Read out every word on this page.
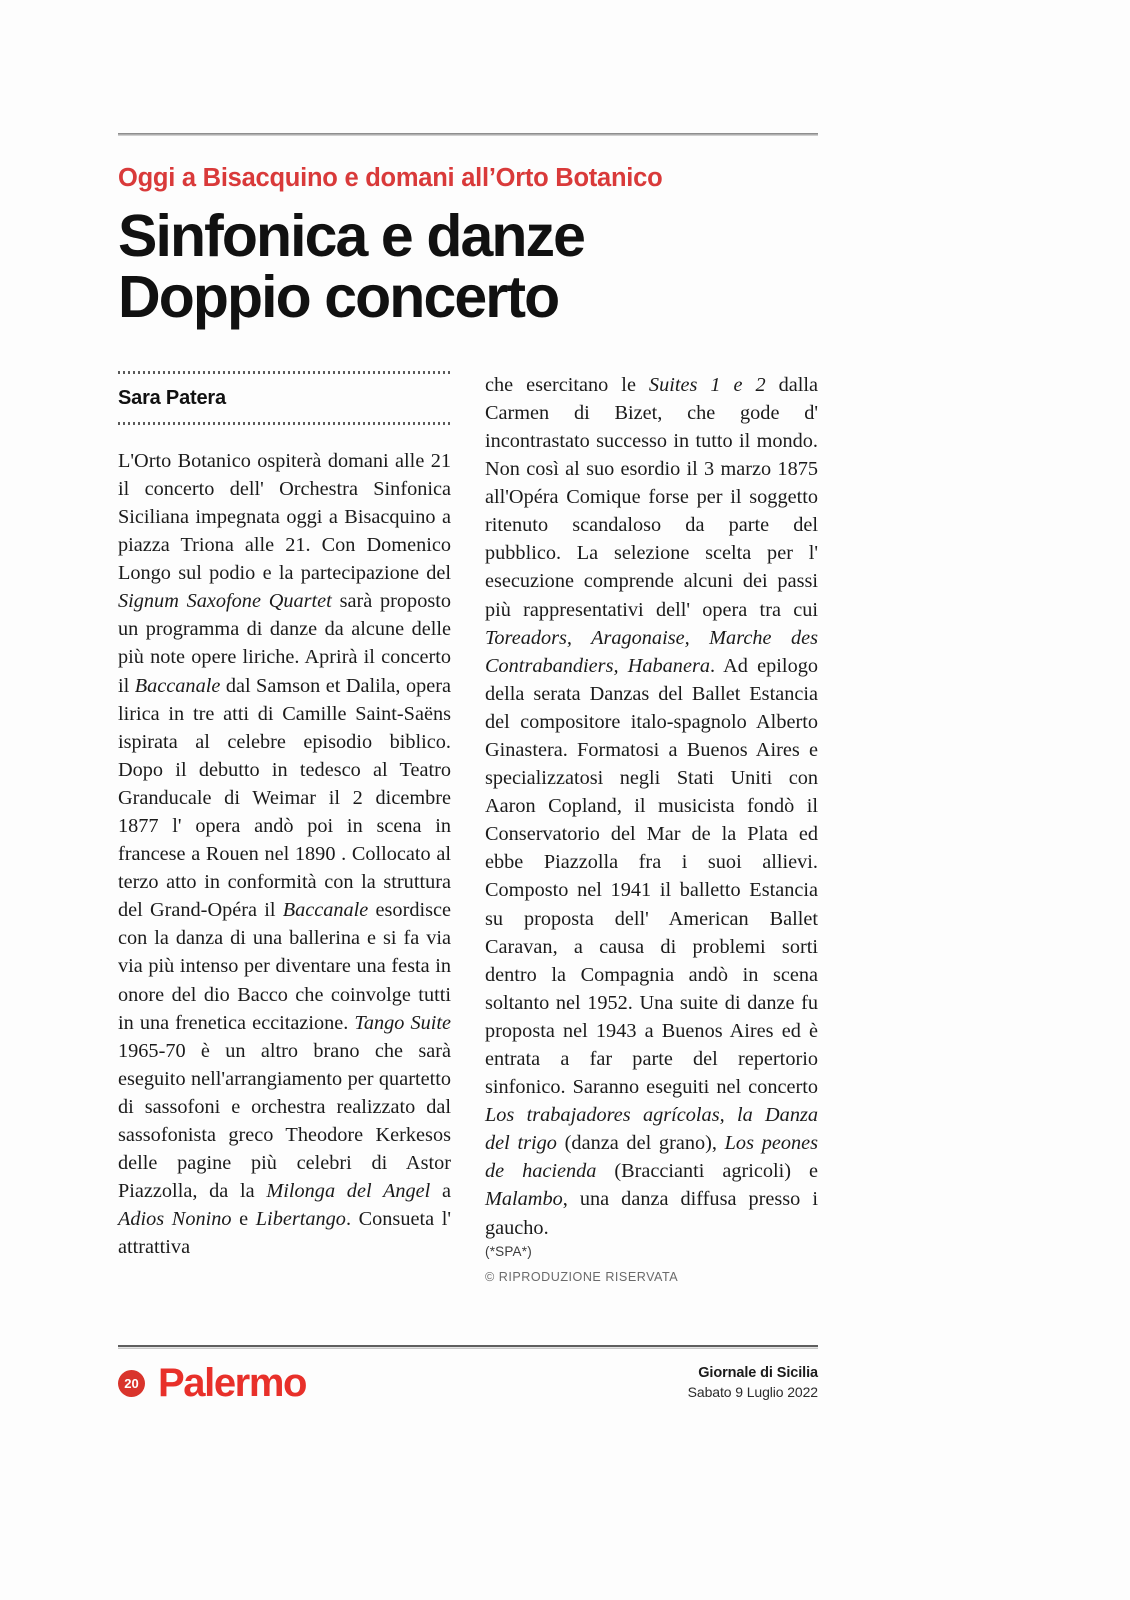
Oggi a Bisacquino e domani all’Orto Botanico
Sinfonica e danze
Doppio concerto
Sara Patera
L'Orto Botanico ospiterà domani alle 21 il concerto dell' Orchestra Sinfonica Siciliana impegnata oggi a Bisacquino a piazza Triona alle 21. Con Domenico Longo sul podio e la partecipazione del Signum Saxofone Quartet sarà proposto un programma di danze da alcune delle più note opere liriche. Aprirà il concerto il Baccanale dal Samson et Dalila, opera lirica in tre atti di Camille Saint-Saëns ispirata al celebre episodio biblico. Dopo il debutto in tedesco al Teatro Granducale di Weimar il 2 dicembre 1877 l' opera andò poi in scena in francese a Rouen nel 1890 . Collocato al terzo atto in conformità con la struttura del Grand-Opéra il Baccanale esordisce con la danza di una ballerina e si fa via via più intenso per diventare una festa in onore del dio Bacco che coinvolge tutti in una frenetica eccitazione. Tango Suite 1965-70 è un altro brano che sarà eseguito nell'arrangiamento per quartetto di sassofoni e orchestra realizzato dal sassofonista greco Theodore Kerkesos delle pagine più celebri di Astor Piazzolla, da la Milonga del Angel a Adios Nonino e Libertango. Consueta l' attrattiva
che esercitano le Suites 1 e 2 dalla Carmen di Bizet, che gode d' incontrastato successo in tutto il mondo. Non così al suo esordio il 3 marzo 1875 all'Opéra Comique forse per il soggetto ritenuto scandaloso da parte del pubblico. La selezione scelta per l' esecuzione comprende alcuni dei passi più rappresentativi dell' opera tra cui Toreadors, Aragonaise, Marche des Contrabandiers, Habanera. Ad epilogo della serata Danzas del Ballet Estancia del compositore italo-spagnolo Alberto Ginastera. Formatosi a Buenos Aires e specializzatosi negli Stati Uniti con Aaron Copland, il musicista fondò il Conservatorio del Mar de la Plata ed ebbe Piazzolla fra i suoi allievi. Composto nel 1941 il balletto Estancia su proposta dell' American Ballet Caravan, a causa di problemi sorti dentro la Compagnia andò in scena soltanto nel 1952. Una suite di danze fu proposta nel 1943 a Buenos Aires ed è entrata a far parte del repertorio sinfonico. Saranno eseguiti nel concerto Los trabajadores agrícolas, la Danza del trigo (danza del grano), Los peones de hacienda (Braccianti agricoli) e Malambo, una danza diffusa presso i gaucho.
(*SPA*)
© RIPRODUZIONE RISERVATA
20 Palermo	Giornale di Sicilia
Sabato 9 Luglio 2022
